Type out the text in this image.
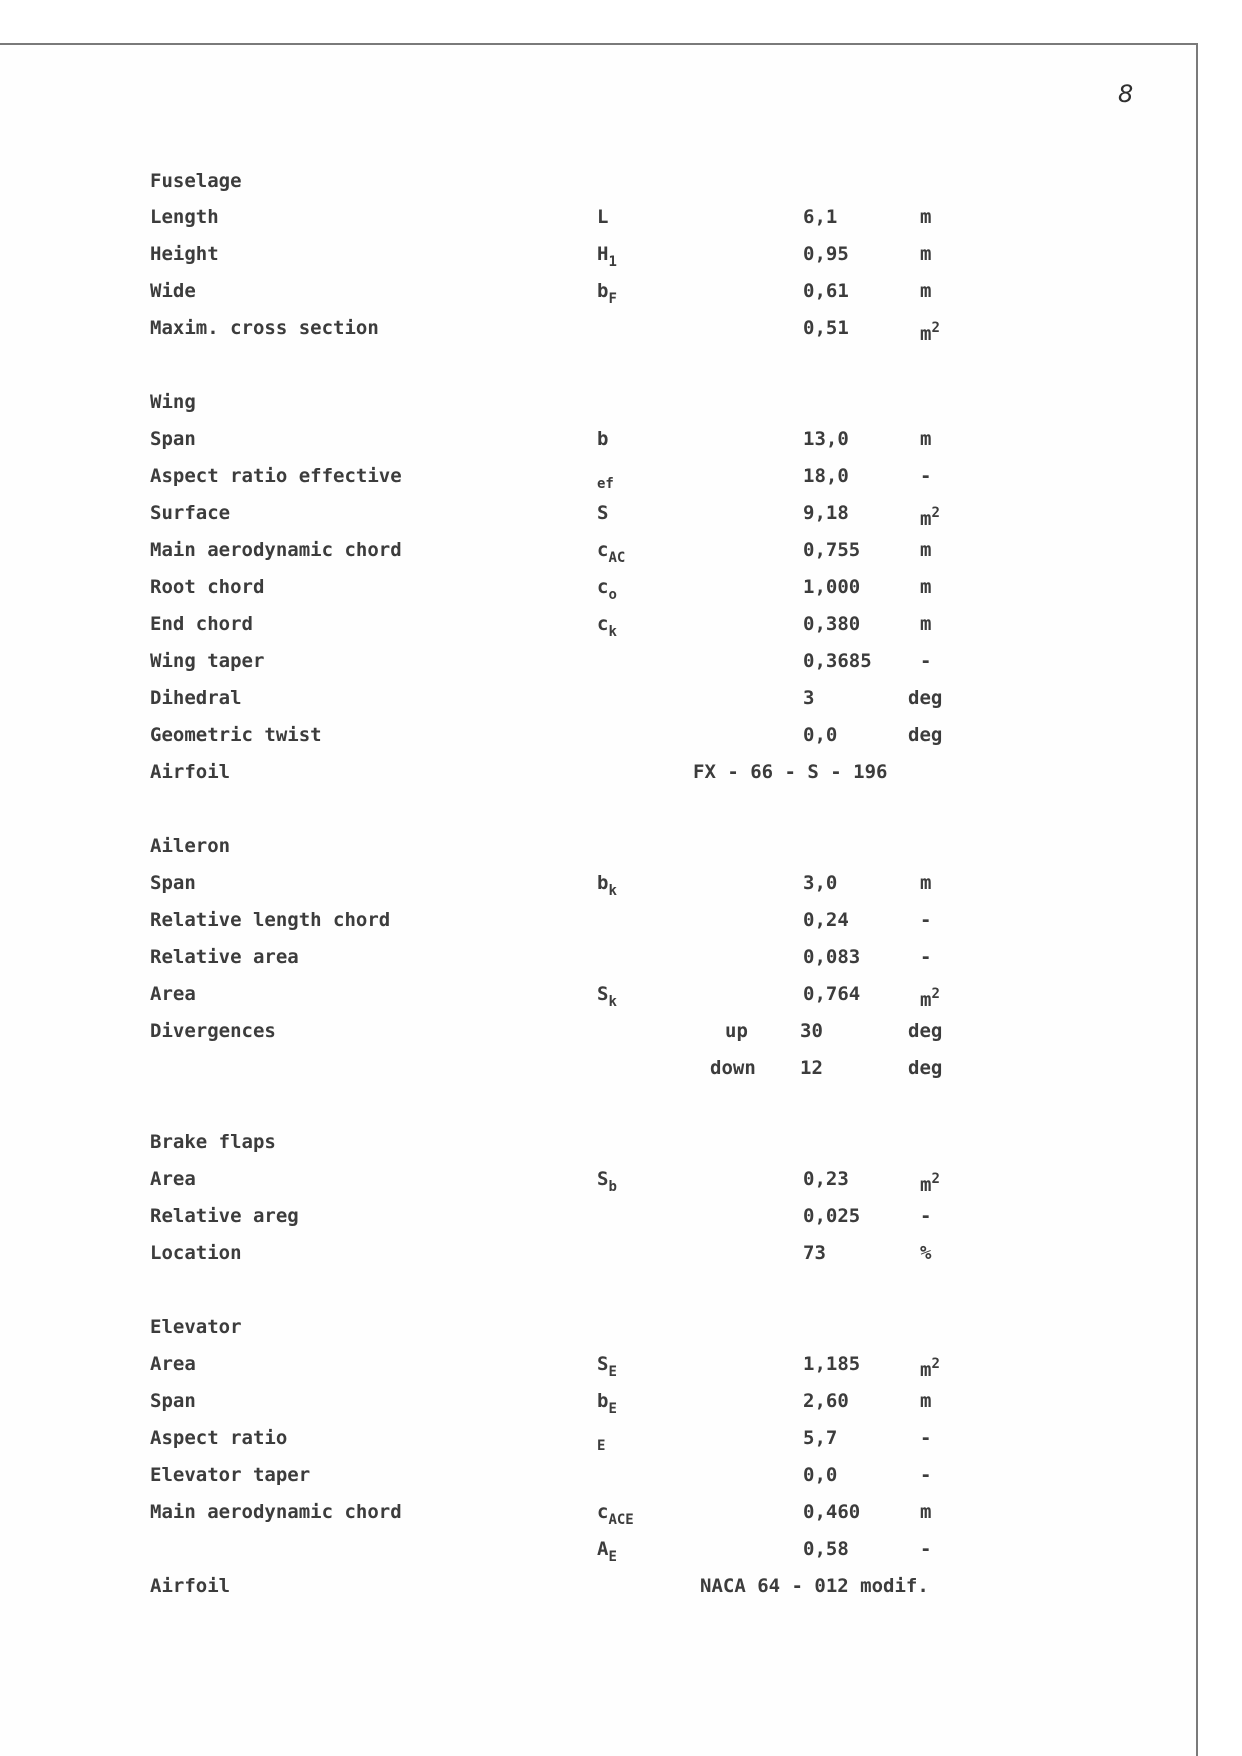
8
Fuselage
Length	L	6,1	m
Height	$H_1$	0,95	m
Wide	$b_F$	0,61	m
Maxim. cross section	0,51	$m^2$
Wing
Span	b	13,0	m
Aspect ratio effective	$_{ef}$	18,0	-
Surface	S	9,18	$m^2$
Main aerodynamic chord	$c_{AC}$	0,755	m
Root chord	$c_o$	1,000	m
End chord	$c_k$	0,380	m
Wing taper	0,3685	-
Dihedral	3	deg
Geometric twist	0,0	deg
Airfoil	FX - 66 - S - 196
Aileron
Span	$b_k$	3,0	m
Relative length chord	0,24	-
Relative area	0,083	-
Area	$S_k$	0,764	$m^2$
Divergences	up	30	deg
down 12	deg
Brake flaps
Area	$S_b$	0,23	$m^2$
Relative areg	0,025	-
Location	73	%
Elevator
Area	$S_E$	1,185	$m^2$
Span	$b_E$	2,60	m
Aspect ratio	$_E$	5,7	-
Elevator taper	0,0	-
Main aerodynamic chord	$c_{ACE}$	0,460	m
$A_E$	0,58	-
Airfoil	NACA 64 - 012 modif.
